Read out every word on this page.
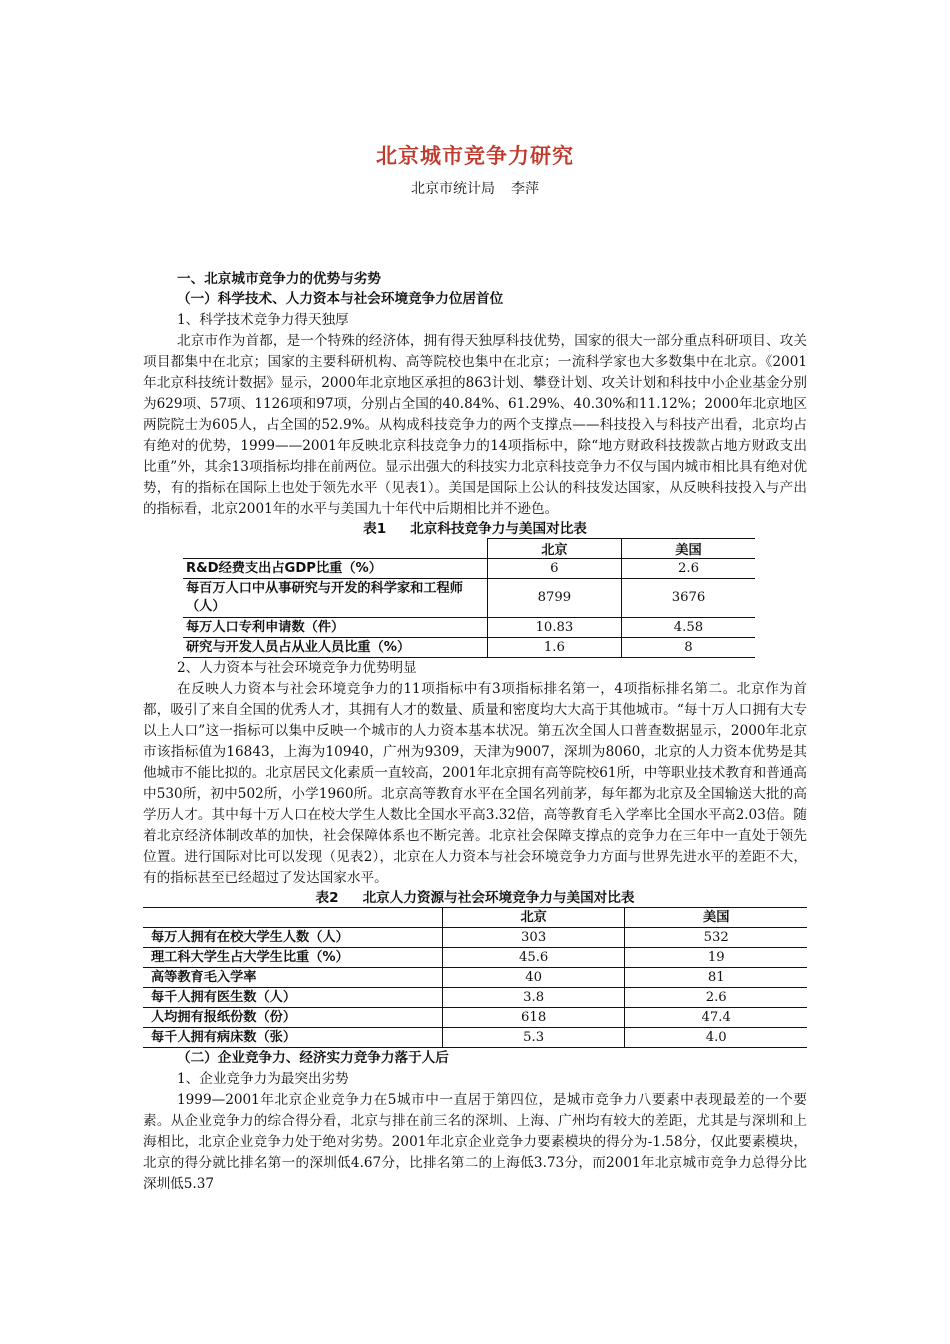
北京城市竞争力研究
北京市统计局 李萍
一、北京城市竞争力的优势与劣势
（一）科学技术、人力资本与社会环境竞争力位居首位
1、科学技术竞争力得天独厚

北京市作为首都，是一个特殊的经济体，拥有得天独厚科技优势，国家的很大一部分重点科研项目、攻关项目都集中在北京；国家的主要科研机构、高等院校也集中在北京；一流科学家也大多数集中在北京。《2001年北京科技统计数据》显示，2000年北京地区承担的863计划、攀登计划、攻关计划和科技中小企业基金分别为629项、57项、1126项和97项，分别占全国的40.84%、61.29%、40.30%和11.12%；2000年北京地区两院院士为605人，占全国的52.9%。从构成科技竞争力的两个支撑点——科技投入与科技产出看，北京均占有绝对的优势，1999——2001年反映北京科技竞争力的14项指标中，除“地方财政科技拨款占地方财政支出比重”外，其余13项指标均排在前两位。显示出强大的科技实力北京科技竞争力不仅与国内城市相比具有绝对优势，有的指标在国际上也处于领先水平（见表1）。美国是国际上公认的科技发达国家，从反映科技投入与产出的指标看，北京2001年的水平与美国九十年代中后期相比并不逊色。

表1 北京科技竞争力与美国对比表
	北京	美国
R&D经费支出占GDP比重（%）	6	2.6
每百万人口中从事研究与开发的科学家和工程师（人）	8799	3676
每万人口专利申请数（件）	10.83	4.58
研究与开发人员占从业人员比重（%）	1.6	8
2、人力资本与社会环境竞争力优势明显

在反映人力资本与社会环境竞争力的11项指标中有3项指标排名第一，4项指标排名第二。北京作为首都，吸引了来自全国的优秀人才，其拥有人才的数量、质量和密度均大大高于其他城市。“每十万人口拥有大专以上人口”这一指标可以集中反映一个城市的人力资本基本状况。第五次全国人口普查数据显示，2000年北京市该指标值为16843，上海为10940，广州为9309，天津为9007，深圳为8060，北京的人力资本优势是其他城市不能比拟的。北京居民文化素质一直较高，2001年北京拥有高等院校61所，中等职业技术教育和普通高中530所，初中502所，小学1960所。北京高等教育水平在全国名列前茅，每年都为北京及全国输送大批的高学历人才。其中每十万人口在校大学生人数比全国水平高3.32倍，高等教育毛入学率比全国水平高2.03倍。随着北京经济体制改革的加快，社会保障体系也不断完善。北京社会保障支撑点的竞争力在三年中一直处于领先位置。进行国际对比可以发现（见表2），北京在人力资本与社会环境竞争力方面与世界先进水平的差距不大，有的指标甚至已经超过了发达国家水平。

表2 北京人力资源与社会环境竞争力与美国对比表
	北京	美国
每万人拥有在校大学生人数（人）	303	532
理工科大学生占大学生比重（%）	45.6	19
高等教育毛入学率	40	81
每千人拥有医生数（人）	3.8	2.6
人均拥有报纸份数（份）	618	47.4
每千人拥有病床数（张）	5.3	4.0
（二）企业竞争力、经济实力竞争力落于人后
1、企业竞争力为最突出劣势

1999—2001年北京企业竞争力在5城市中一直居于第四位，是城市竞争力八要素中表现最差的一个要素。从企业竞争力的综合得分看，北京与排在前三名的深圳、上海、广州均有较大的差距，尤其是与深圳和上海相比，北京企业竞争力处于绝对劣势。2001年北京企业竞争力要素模块的得分为-1.58分，仅此要素模块，北京的得分就比排名第一的深圳低4.67分，比排名第二的上海低3.73分，而2001年北京城市竞争力总得分比深圳低5.37
